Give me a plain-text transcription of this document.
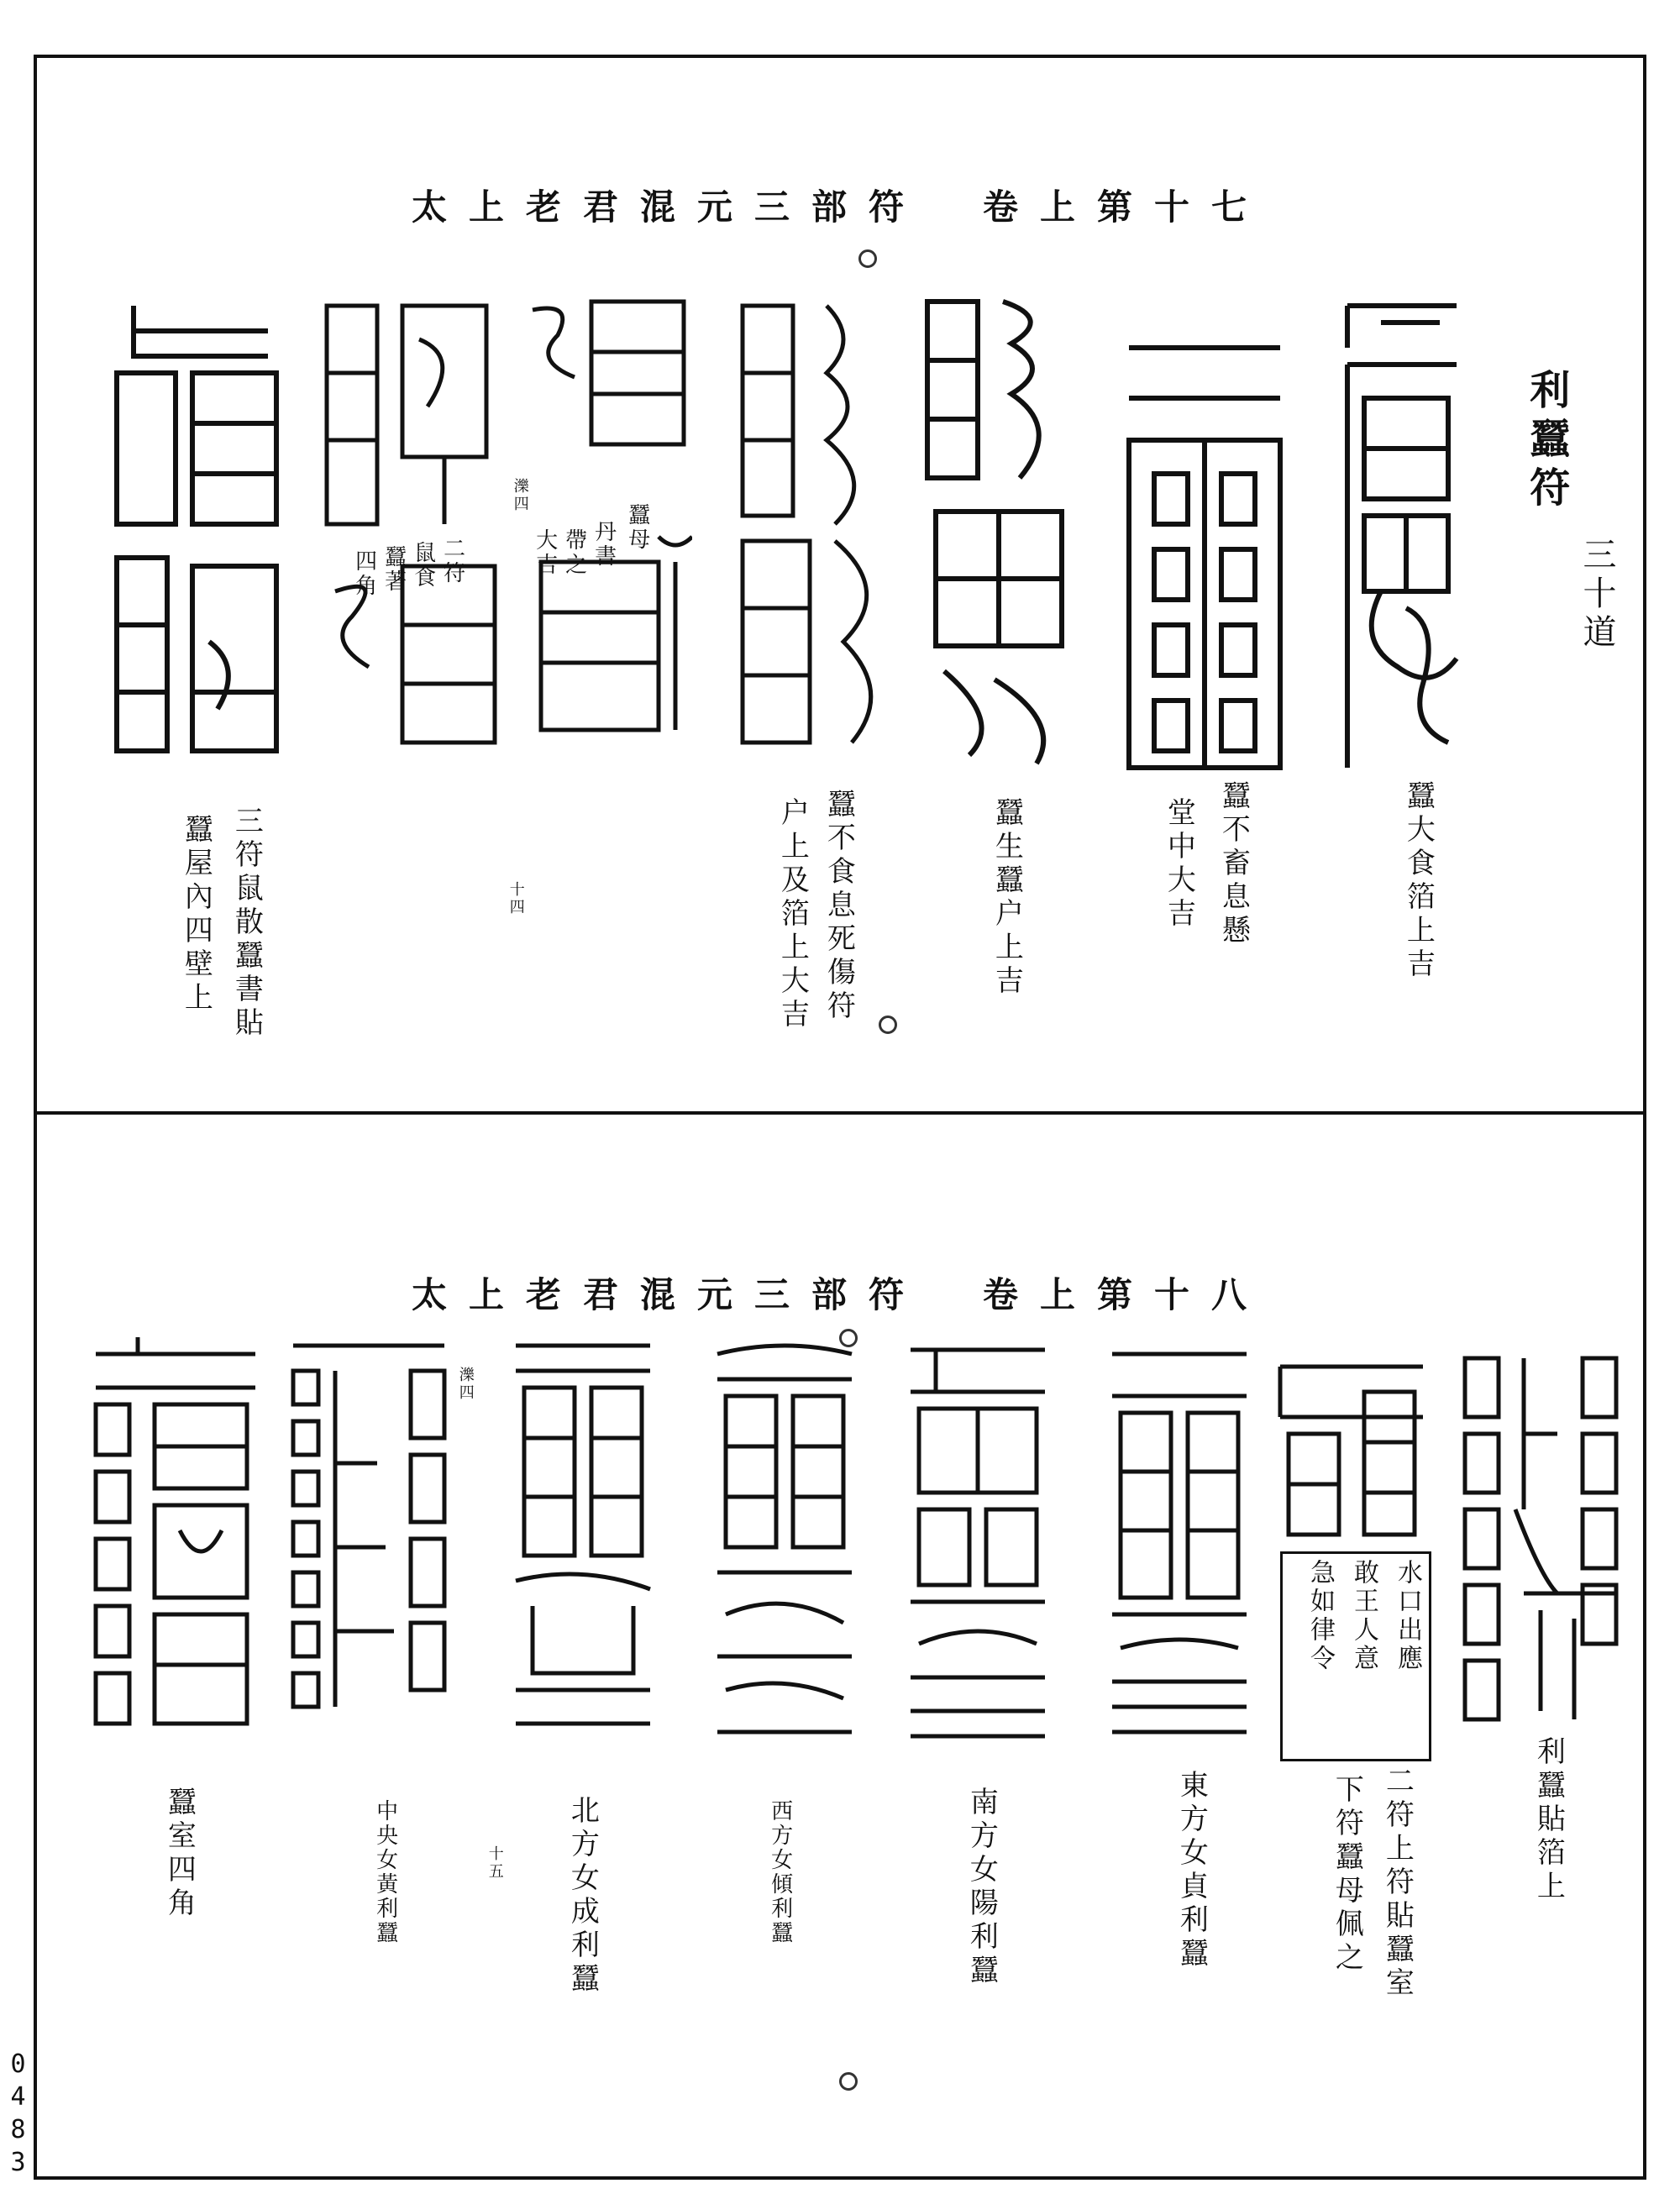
太上老君混元三部符　卷上第十七
利蠶符
三十道
蠶大食箔上吉
蠶不畜息懸
堂中大吉
蠶生蠶户上吉
蠶不食息死傷符
户上及箔上大吉
蠶母
丹書
帶之
大吉
濼四
二符
鼠食
蠶著
四角
三符鼠散蠶書貼
蠶屋內四壁上	十四
太上老君混元三部符　卷上第十八
利蠶貼箔上
水口出應
敢王人意
急如律令
二符上符貼蠶室
下符蠶母佩之
東方女貞利蠶
南方女陽利蠶
西方女傾利蠶
北方女成利蠶
濼四
中央女黃利蠶
蠶室四角	十五
0483
